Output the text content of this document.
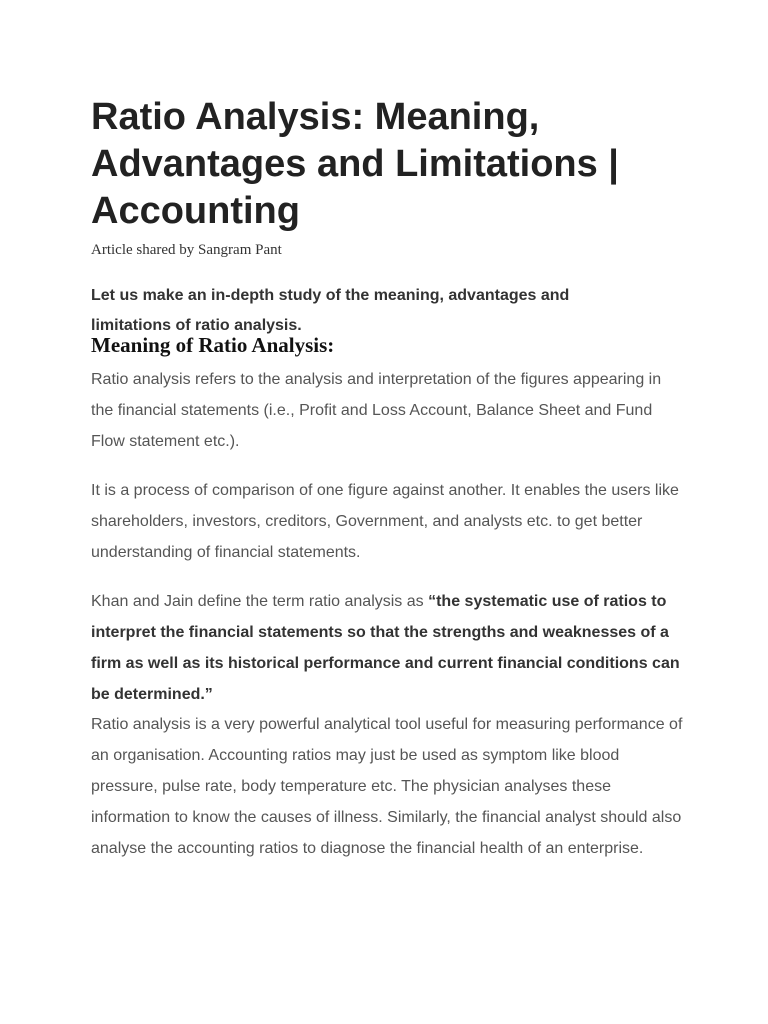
Ratio Analysis: Meaning, Advantages and Limitations | Accounting

Article shared by Sangram Pant

Let us make an in-depth study of the meaning, advantages and limitations of ratio analysis.

Meaning of Ratio Analysis:

Ratio analysis refers to the analysis and interpretation of the figures appearing in the financial statements (i.e., Profit and Loss Account, Balance Sheet and Fund Flow statement etc.).

It is a process of comparison of one figure against another. It enables the users like shareholders, investors, creditors, Government, and analysts etc. to get better understanding of financial statements.

Khan and Jain define the term ratio analysis as “the systematic use of ratios to interpret the financial statements so that the strengths and weaknesses of a firm as well as its historical performance and current financial conditions can be determined.”

Ratio analysis is a very powerful analytical tool useful for measuring performance of an organisation. Accounting ratios may just be used as symptom like blood pressure, pulse rate, body temperature etc. The physician analyses these information to know the causes of illness. Similarly, the financial analyst should also analyse the accounting ratios to diagnose the financial health of an enterprise.
